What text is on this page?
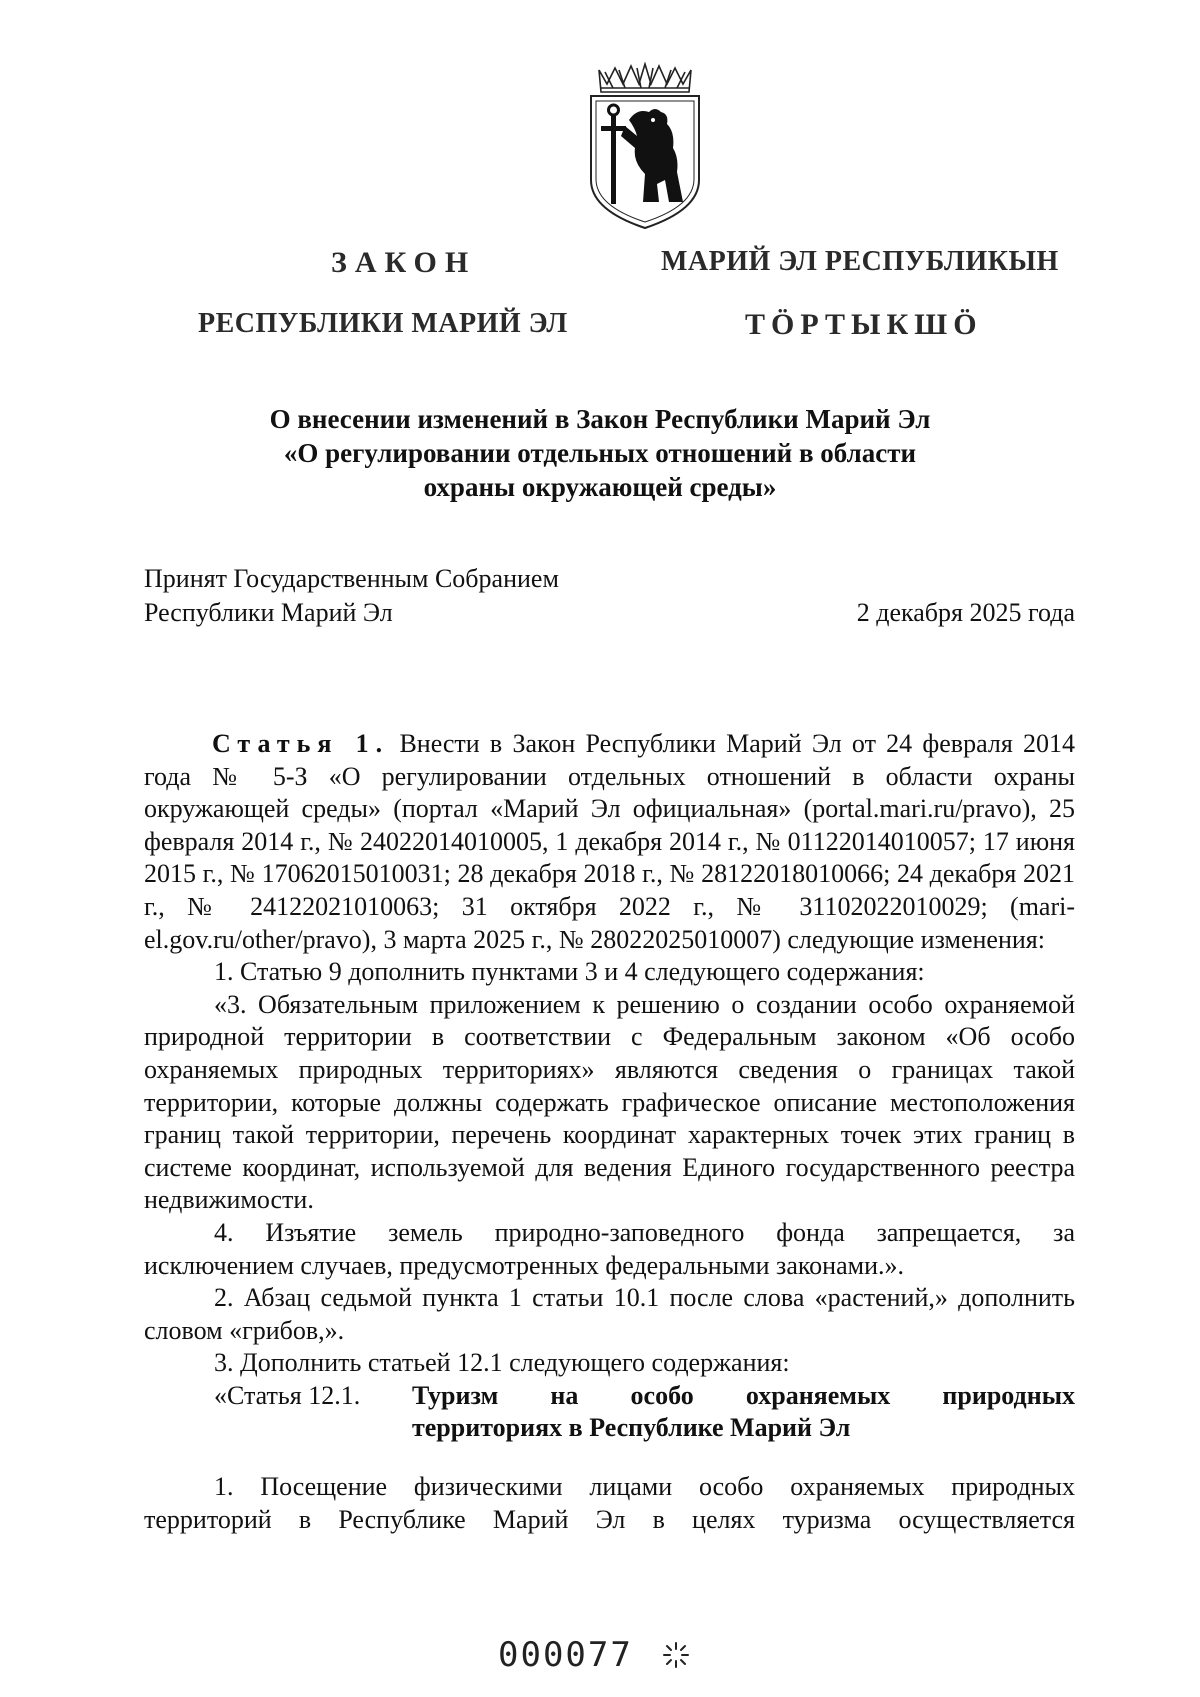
ЗАКОН
РЕСПУБЛИКИ МАРИЙ ЭЛ
МАРИЙ ЭЛ РЕСПУБЛИКЫН
ТӦРТЫКШӦ
О внесении изменений в Закон Республики Марий Эл
«О регулировании отдельных отношений в области
охраны окружающей среды»
Принят Государственным Собранием
Республики Марий Эл	2 декабря 2025 года

Статья 1. Внести в Закон Республики Марий Эл от 24 февраля 2014 года № 5-З «О регулировании отдельных отношений в области охраны окружающей среды» (портал «Марий Эл официальная» (portal.mari.ru/pravo), 25 февраля 2014 г., № 24022014010005, 1 декабря 2014 г., № 01122014010057; 17 июня 2015 г., № 17062015010031; 28 декабря 2018 г., № 28122018010066; 24 декабря 2021 г., № 24122021010063; 31 октября 2022 г., № 31102022010029; (mari-el.gov.ru/other/pravo), 3 марта 2025 г., № 28022025010007) следующие изменения:

1. Статью 9 дополнить пунктами 3 и 4 следующего содержания:

«3. Обязательным приложением к решению о создании особо охраняемой природной территории в соответствии с Федеральным законом «Об особо охраняемых природных территориях» являются сведения о границах такой территории, которые должны содержать графическое описание местоположения границ такой территории, перечень координат характерных точек этих границ в системе координат, используемой для ведения Единого государственного реестра недвижимости.

4. Изъятие земель природно-заповедного фонда запрещается, за исключением случаев, предусмотренных федеральными законами.».

2. Абзац седьмой пункта 1 статьи 10.1 после слова «растений,» дополнить словом «грибов,».

3. Дополнить статьей 12.1 следующего содержания:

«Статья 12.1.	Туризм на особо охраняемых природных
территориях в Республике Марий Эл

1. Посещение физическими лицами особо охраняемых природных территорий в Республике Марий Эл в целях туризма осуществляется

000077
